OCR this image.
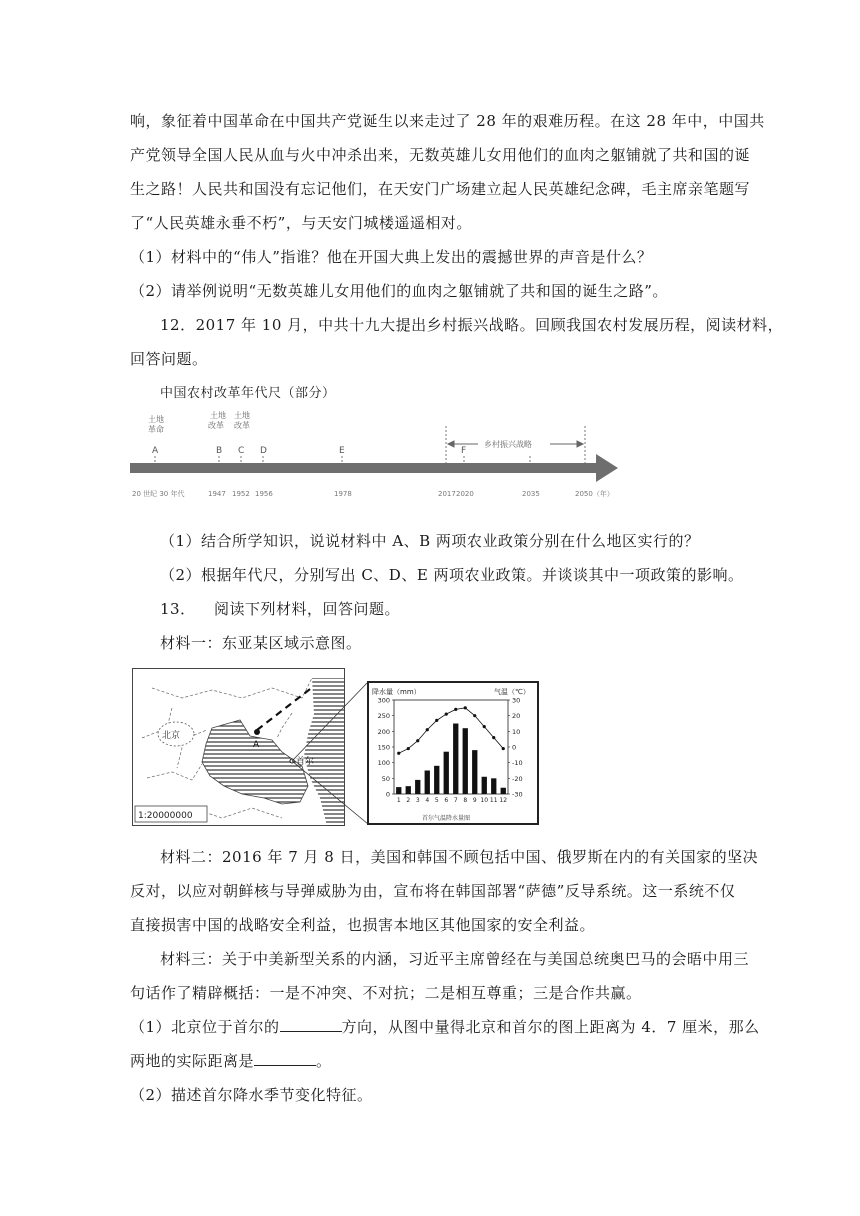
响，象征着中国革命在中国共产党诞生以来走过了 28 年的艰难历程。在这 28 年中，中国共
产党领导全国人民从血与火中冲杀出来，无数英雄儿女用他们的血肉之躯铺就了共和国的诞
生之路！人民共和国没有忘记他们，在天安门广场建立起人民英雄纪念碑，毛主席亲笔题写
了“人民英雄永垂不朽”，与天安门城楼遥遥相对。
（1）材料中的“伟人”指谁？他在开国大典上发出的震撼世界的声音是什么？
（2）请举例说明“无数英雄儿女用他们的血肉之躯铺就了共和国的诞生之路”。
12．2017 年 10 月，中共十九大提出乡村振兴战略。回顾我国农村发展历程，阅读材料，
回答问题。
中国农村改革年代尺（部分）
土地
革命
土地
改革
土地
改革
A	B C D	E	F
乡村振兴战略
20 世纪 30 年代	1947 1952 1956	1978	2017 2020	2035	2050（年）
（1）结合所学知识，说说材料中 A、B 两项农业政策分别在什么地区实行的？
（2）根据年代尺，分别写出 C、D、E 两项农业政策。并谈谈其中一项政策的影响。
13． 阅读下列材料，回答问题。
材料一：东亚某区域示意图。
北京
A
首尔
1:20000000
降水量（mm）	气温（℃）
300
250
200
150
100
50
0
30
20
10
0
-10
-20
-30
1 2 3 4 5 6 7 8 9 10 11 12
首尔气温降水量图
材料二：2016 年 7 月 8 日，美国和韩国不顾包括中国、俄罗斯在内的有关国家的坚决
反对，以应对朝鲜核与导弹威胁为由，宣布将在韩国部署“萨德”反导系统。这一系统不仅
直接损害中国的战略安全利益，也损害本地区其他国家的安全利益。
材料三：关于中美新型关系的内涵，习近平主席曾经在与美国总统奥巴马的会晤中用三
句话作了精辟概括：一是不冲突、不对抗；二是相互尊重；三是合作共赢。
（1）北京位于首尔的	方向，从图中量得北京和首尔的图上距离为 4．7 厘米，那么
两地的实际距离是	。
（2）描述首尔降水季节变化特征。
